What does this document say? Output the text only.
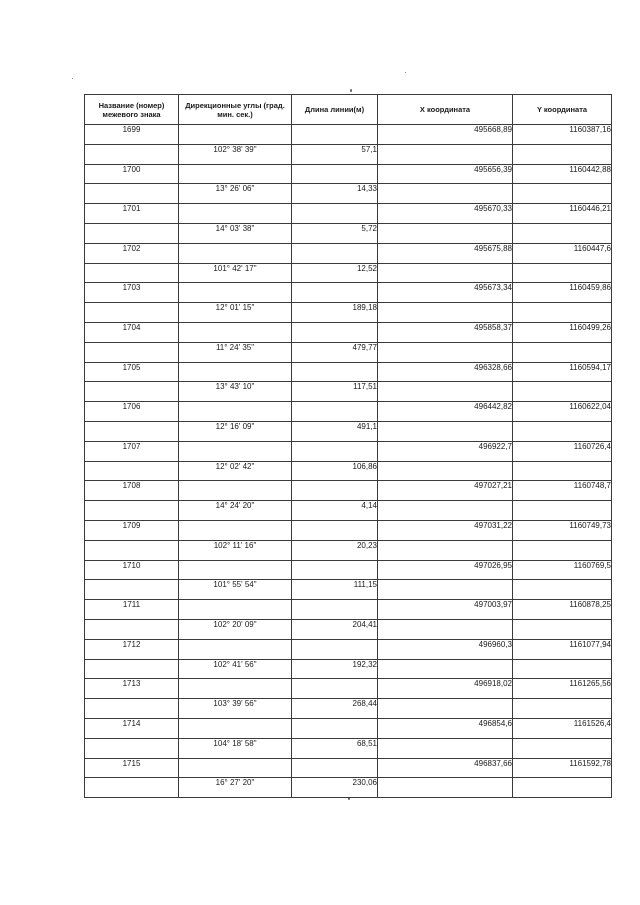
Название (номер) межевого знака	Дирекционные углы (град. мин. сек.)	Длина линии(м)	X координата	Y координата
1699			495668,89	1160387,16
	102° 38' 39"	57,1		
1700			495656,39	1160442,88
	13° 26' 06"	14,33		
1701			495670,33	1160446,21
	14° 03' 38"	5,72		
1702			495675,88	1160447,6
	101° 42' 17"	12,52		
1703			495673,34	1160459,86
	12° 01' 15"	189,18		
1704			495858,37	1160499,26
	11° 24' 35"	479,77		
1705			496328,66	1160594,17
	13° 43' 10"	117,51		
1706			496442,82	1160622,04
	12° 16' 09"	491,1		
1707			496922,7	1160726,4
	12° 02' 42"	106,86		
1708			497027,21	1160748,7
	14° 24' 20"	4,14		
1709			497031,22	1160749,73
	102° 11' 16"	20,23		
1710			497026,95	1160769,5
	101° 55' 54"	111,15		
1711			497003,97	1160878,25
	102° 20' 09"	204,41		
1712			496960,3	1161077,94
	102° 41' 56"	192,32		
1713			496918,02	1161265,56
	103° 39' 56"	268,44		
1714			496854,6	1161526,4
	104° 18' 58"	68,51		
1715			496837,66	1161592,78
	16° 27' 20"	230,06		
